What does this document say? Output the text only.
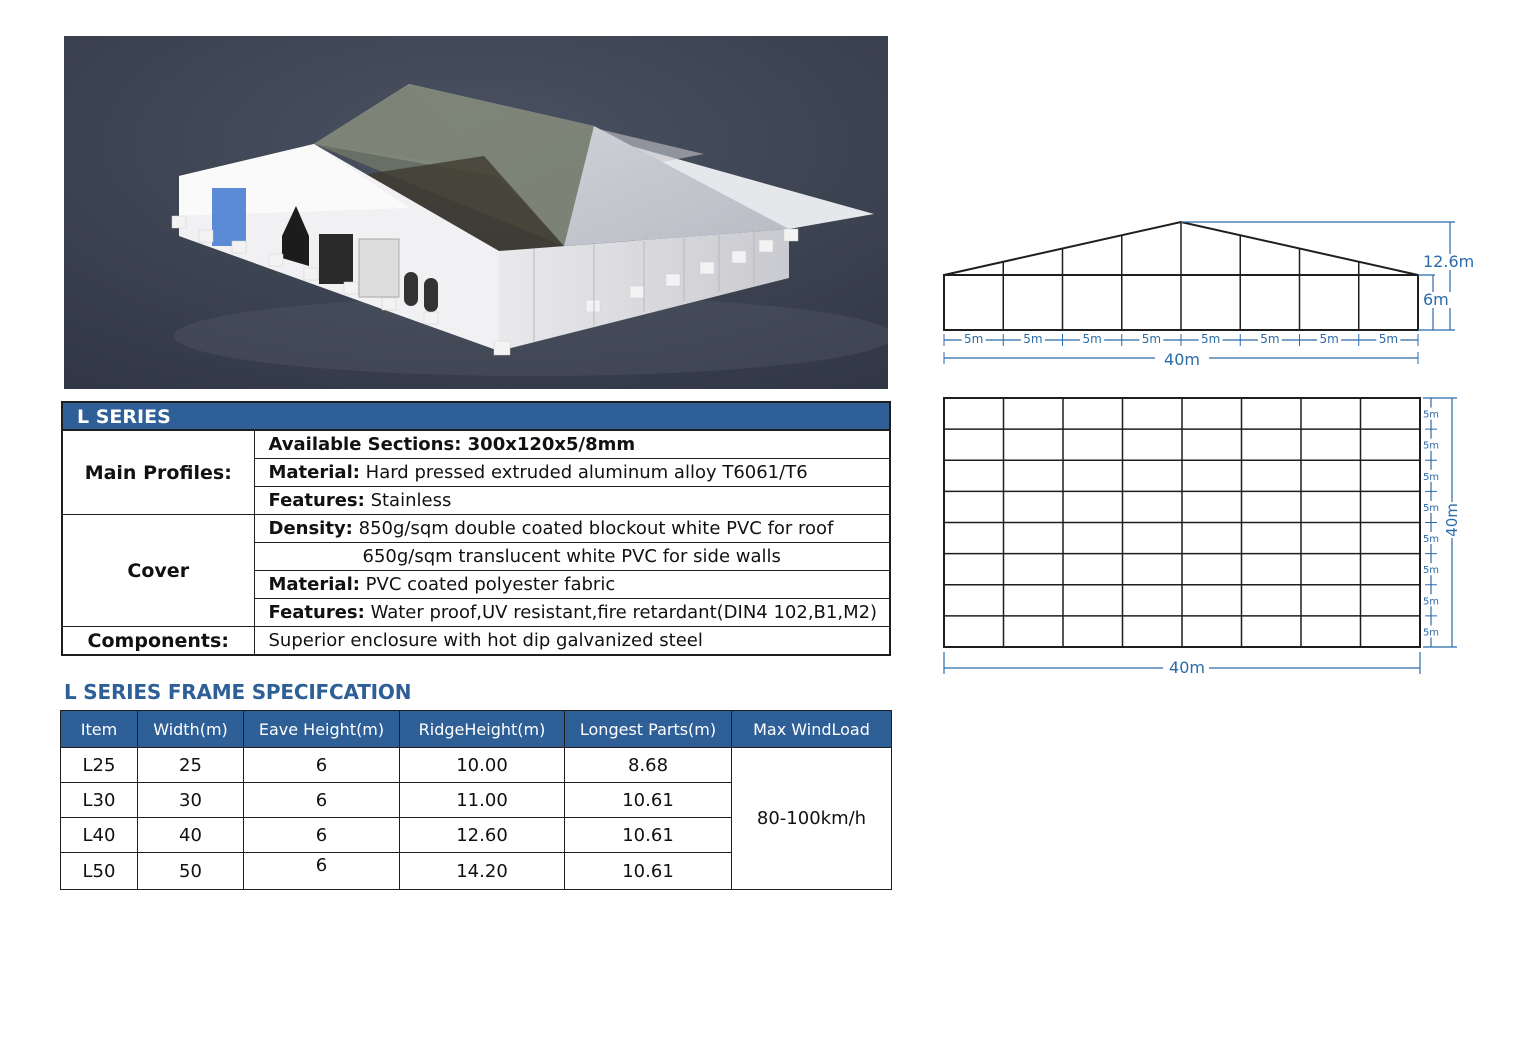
L SERIES
Main Profiles:	Available Sections: 300x120x5/8mm
	Material: Hard pressed extruded aluminum alloy T6061/T6
	Features: Stainless
Cover	Density: 850g/sqm double coated blockout white PVC for roof
	650g/sqm translucent white PVC for side walls
	Material: PVC coated polyester fabric
	Features: Water proof,UV resistant,fire retardant(DIN4 102,B1,M2)
Components:	Superior enclosure with hot dip galvanized steel
L SERIES FRAME SPECIFCATION
Item	Width(m)	Eave Height(m)	RidgeHeight(m)	Longest Parts(m)	Max WindLoad
L25	25	6	10.00	8.68	80-100km/h
L30	30	6	11.00	10.61	
L40	40	6	12.60	10.61	
L50	50	6	14.20	10.61	
5m	5m	5m	5m	5m	5m	5m	5m
40m
12.6m
6m
5m
5m
5m
5m
5m
5m
5m
5m
40m
40m
